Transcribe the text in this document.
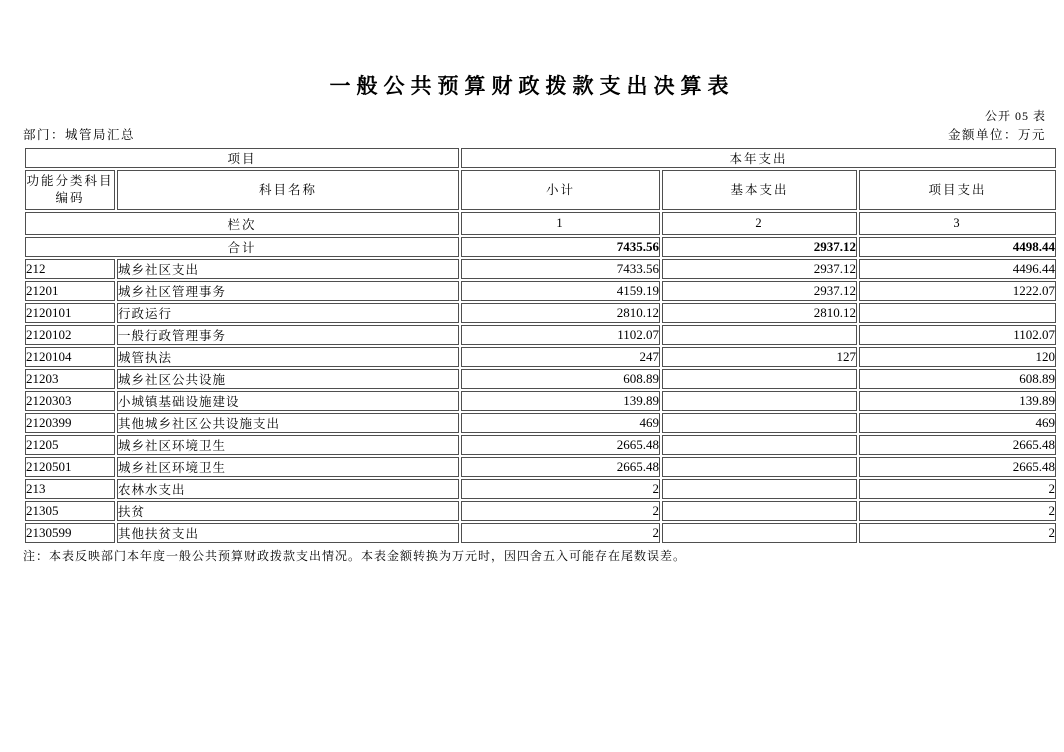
一般公共预算财政拨款支出决算表
公开 05 表
部门：城管局汇总	金额单位：万元
项目		本年支出		

功能分类科目
编码	科目名称	小计	基本支出	项目支出
栏次		1	2	3
合计		7435.56	2937.12	4498.44
212	城乡社区支出	7433.56	2937.12	4496.44
21201	城乡社区管理事务	4159.19	2937.12	1222.07
2120101	行政运行	2810.12	2810.12	
2120102	一般行政管理事务	1102.07		1102.07
2120104	城管执法	247	127	120
21203	城乡社区公共设施	608.89		608.89
2120303	小城镇基础设施建设	139.89		139.89
2120399	其他城乡社区公共设施支出	469		469
21205	城乡社区环境卫生	2665.48		2665.48
2120501	城乡社区环境卫生	2665.48		2665.48
213	农林水支出	2		2
21305	扶贫	2		2
2130599	其他扶贫支出	2		2
注：本表反映部门本年度一般公共预算财政拨款支出情况。本表金额转换为万元时，因四舍五入可能存在尾数误差。
